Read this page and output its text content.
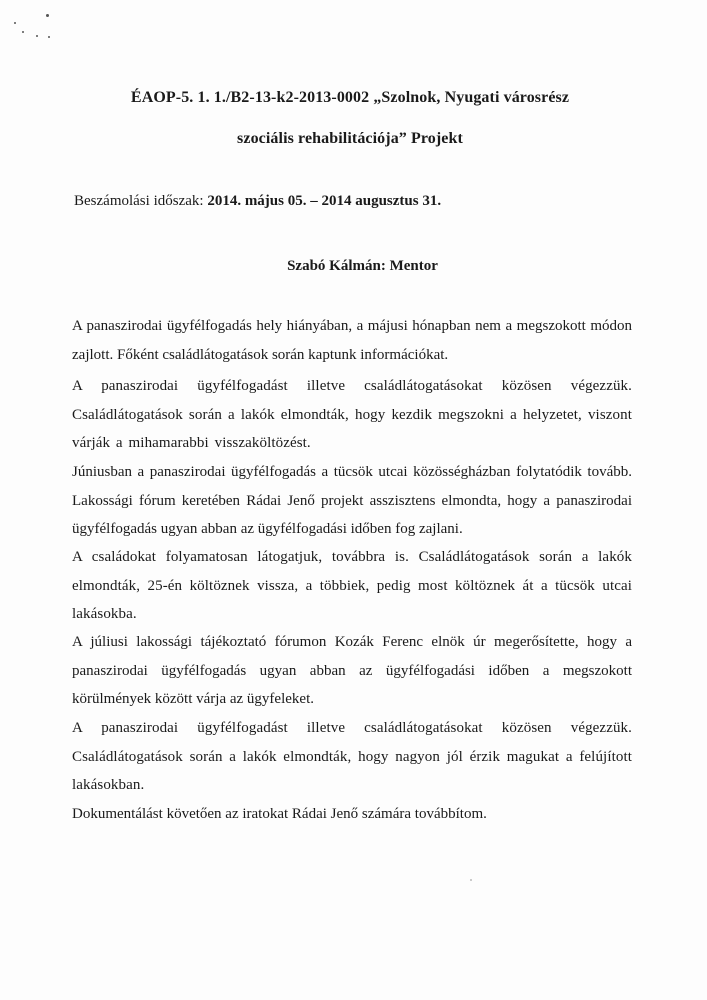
ÉAOP-5. 1. 1./B2-13-k2-2013-0002 „Szolnok, Nyugati városrész
szociális rehabilitációja” Projekt
Beszámolási időszak: 2014. május 05. – 2014 augusztus 31.
Szabó Kálmán: Mentor

A panaszirodai ügyfélfogadás hely hiányában, a májusi hónapban nem a megszokott módon zajlott. Főként családlátogatások során kaptunk információkat.

A panaszirodai ügyfélfogadást illetve családlátogatásokat közösen végezzük. Családlátogatások során a lakók elmondták, hogy kezdik megszokni a helyzetet, viszont várják a mihamarabbi visszaköltözést.

Júniusban a panaszirodai ügyfélfogadás a tücsök utcai közösségházban folytatódik tovább. Lakossági fórum keretében Rádai Jenő projekt asszisztens elmondta, hogy a panaszirodai ügyfélfogadás ugyan abban az ügyfélfogadási időben fog zajlani.

A családokat folyamatosan látogatjuk, továbbra is. Családlátogatások során a lakók elmondták, 25-én költöznek vissza, a többiek, pedig most költöznek át a tücsök utcai lakásokba.

A júliusi lakossági tájékoztató fórumon Kozák Ferenc elnök úr megerősítette, hogy a panaszirodai ügyfélfogadás ugyan abban az ügyfélfogadási időben a megszokott körülmények között várja az ügyfeleket.

A panaszirodai ügyfélfogadást illetve családlátogatásokat közösen végezzük. Családlátogatások során a lakók elmondták, hogy nagyon jól érzik magukat a felújított lakásokban.

Dokumentálást követően az iratokat Rádai Jenő számára továbbítom.
